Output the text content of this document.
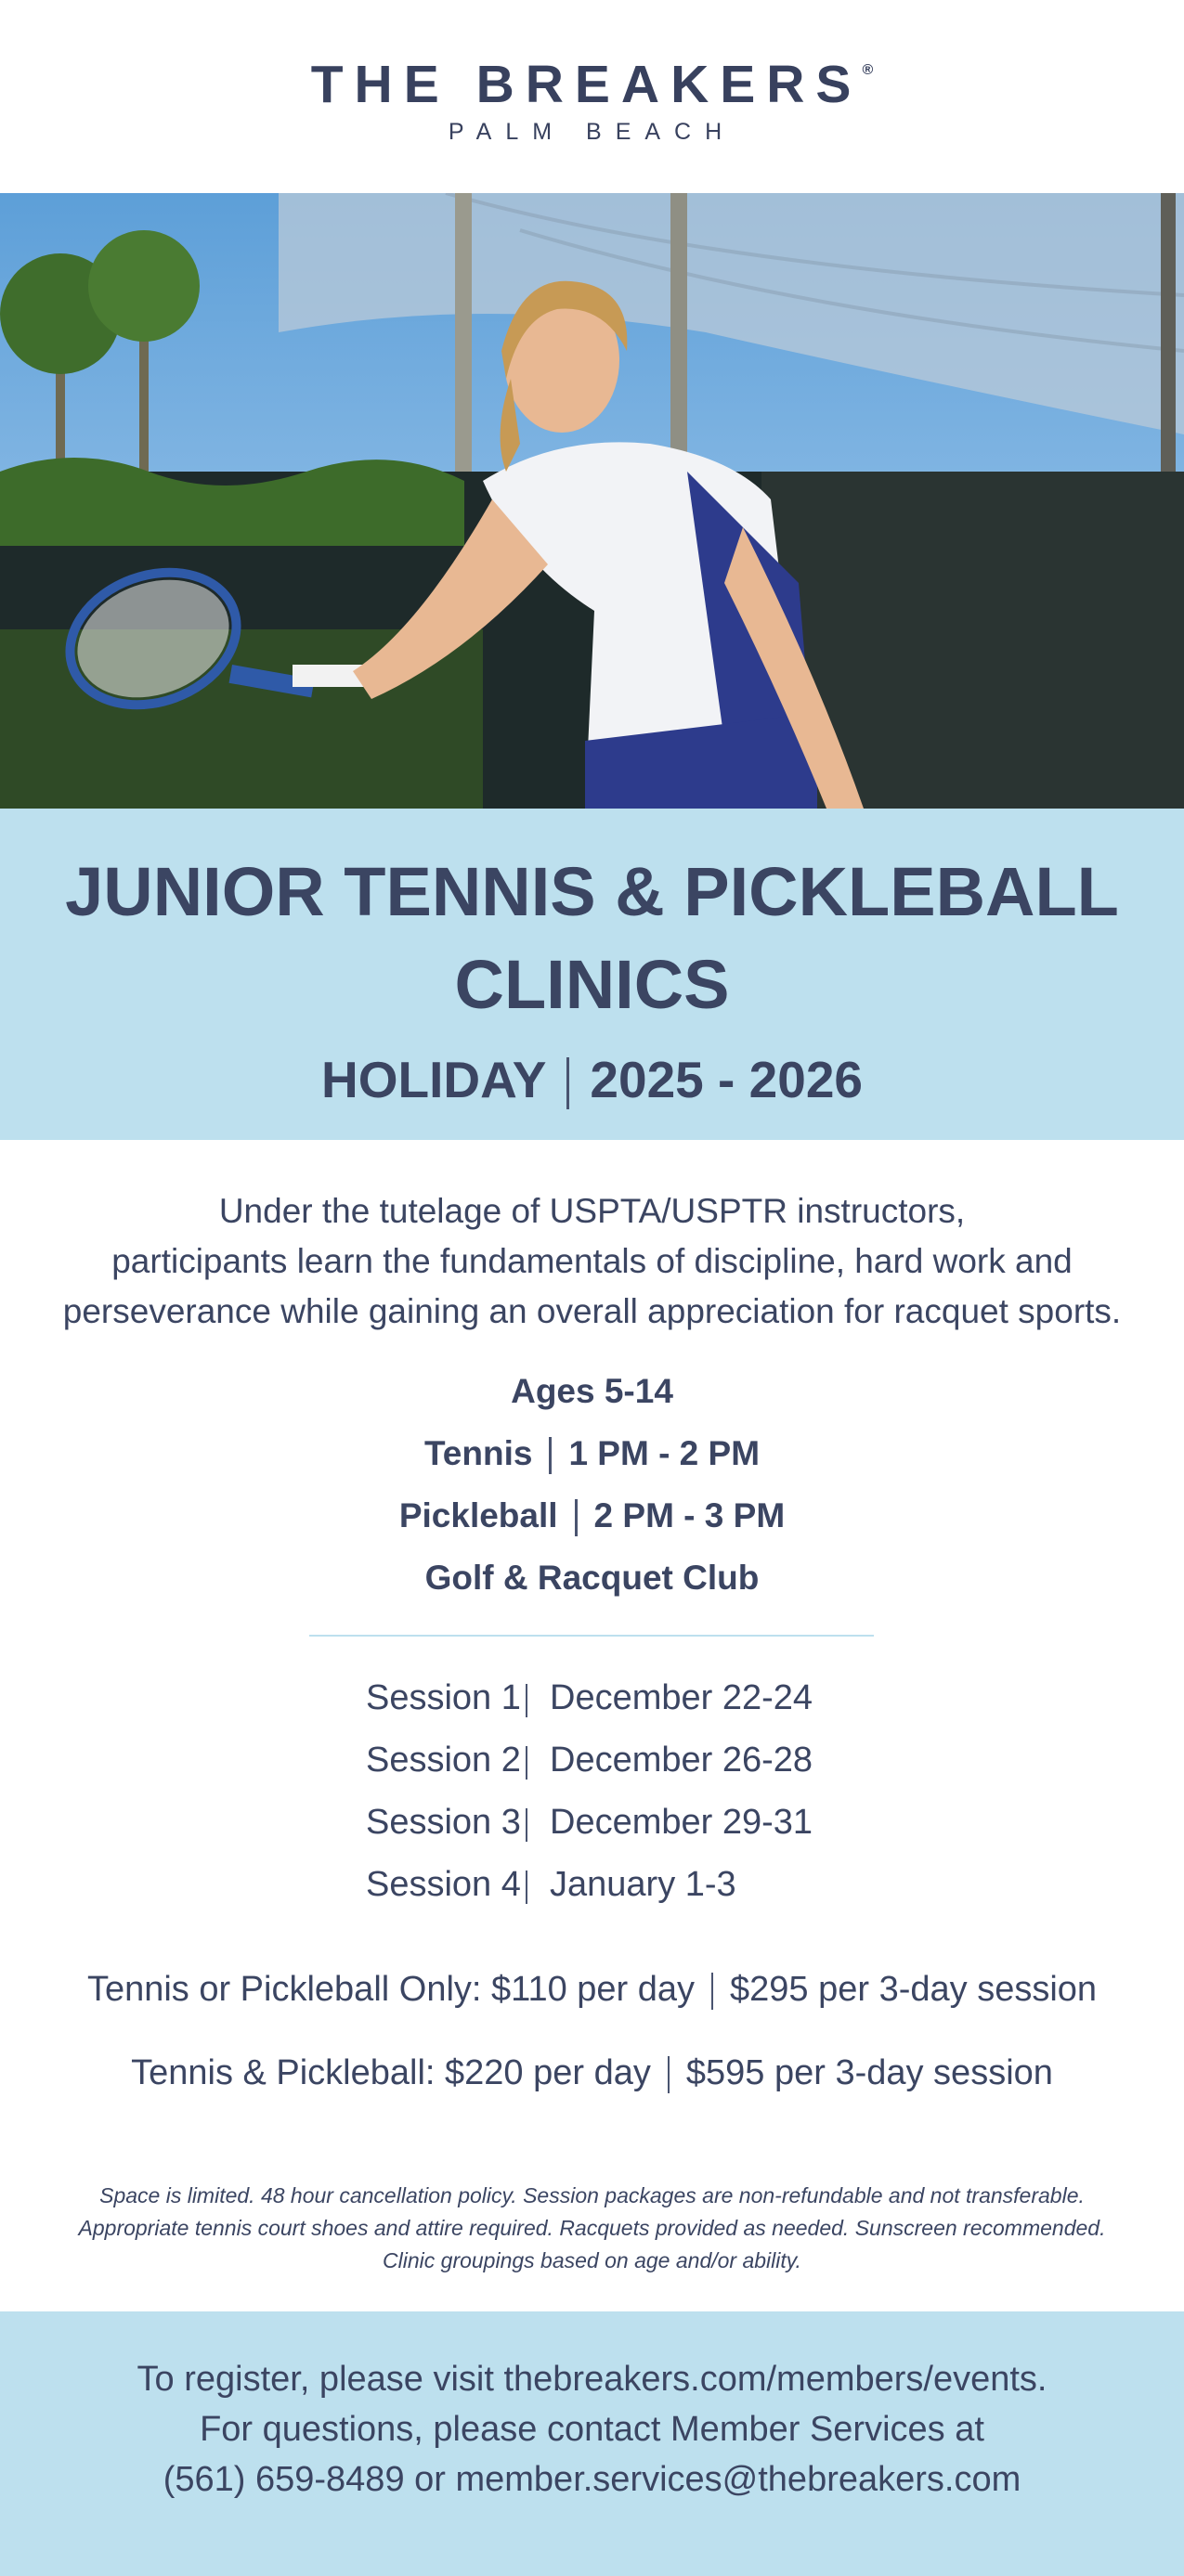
THE BREAKERS®
PALM BEACH
JUNIOR TENNIS & PICKLEBALL
CLINICS
HOLIDAY 2025 - 2026
Under the tutelage of USPTA/USPTR instructors,
participants learn the fundamentals of discipline, hard work and
perseverance while gaining an overall appreciation for racquet sports.
Ages 5-14
Tennis 1 PM - 2 PM
Pickleball 2 PM - 3 PM
Golf & Racquet Club
Session 1 December 22-24
Session 2 December 26-28
Session 3 December 29-31
Session 4 January 1-3
Tennis or Pickleball Only: $110 per day $295 per 3-day session
Tennis & Pickleball: $220 per day $595 per 3-day session
Space is limited. 48 hour cancellation policy. Session packages are non-refundable and not transferable.
Appropriate tennis court shoes and attire required. Racquets provided as needed. Sunscreen recommended.
Clinic groupings based on age and/or ability.
To register, please visit thebreakers.com/members/events.
For questions, please contact Member Services at
(561) 659-8489 or member.services@thebreakers.com
